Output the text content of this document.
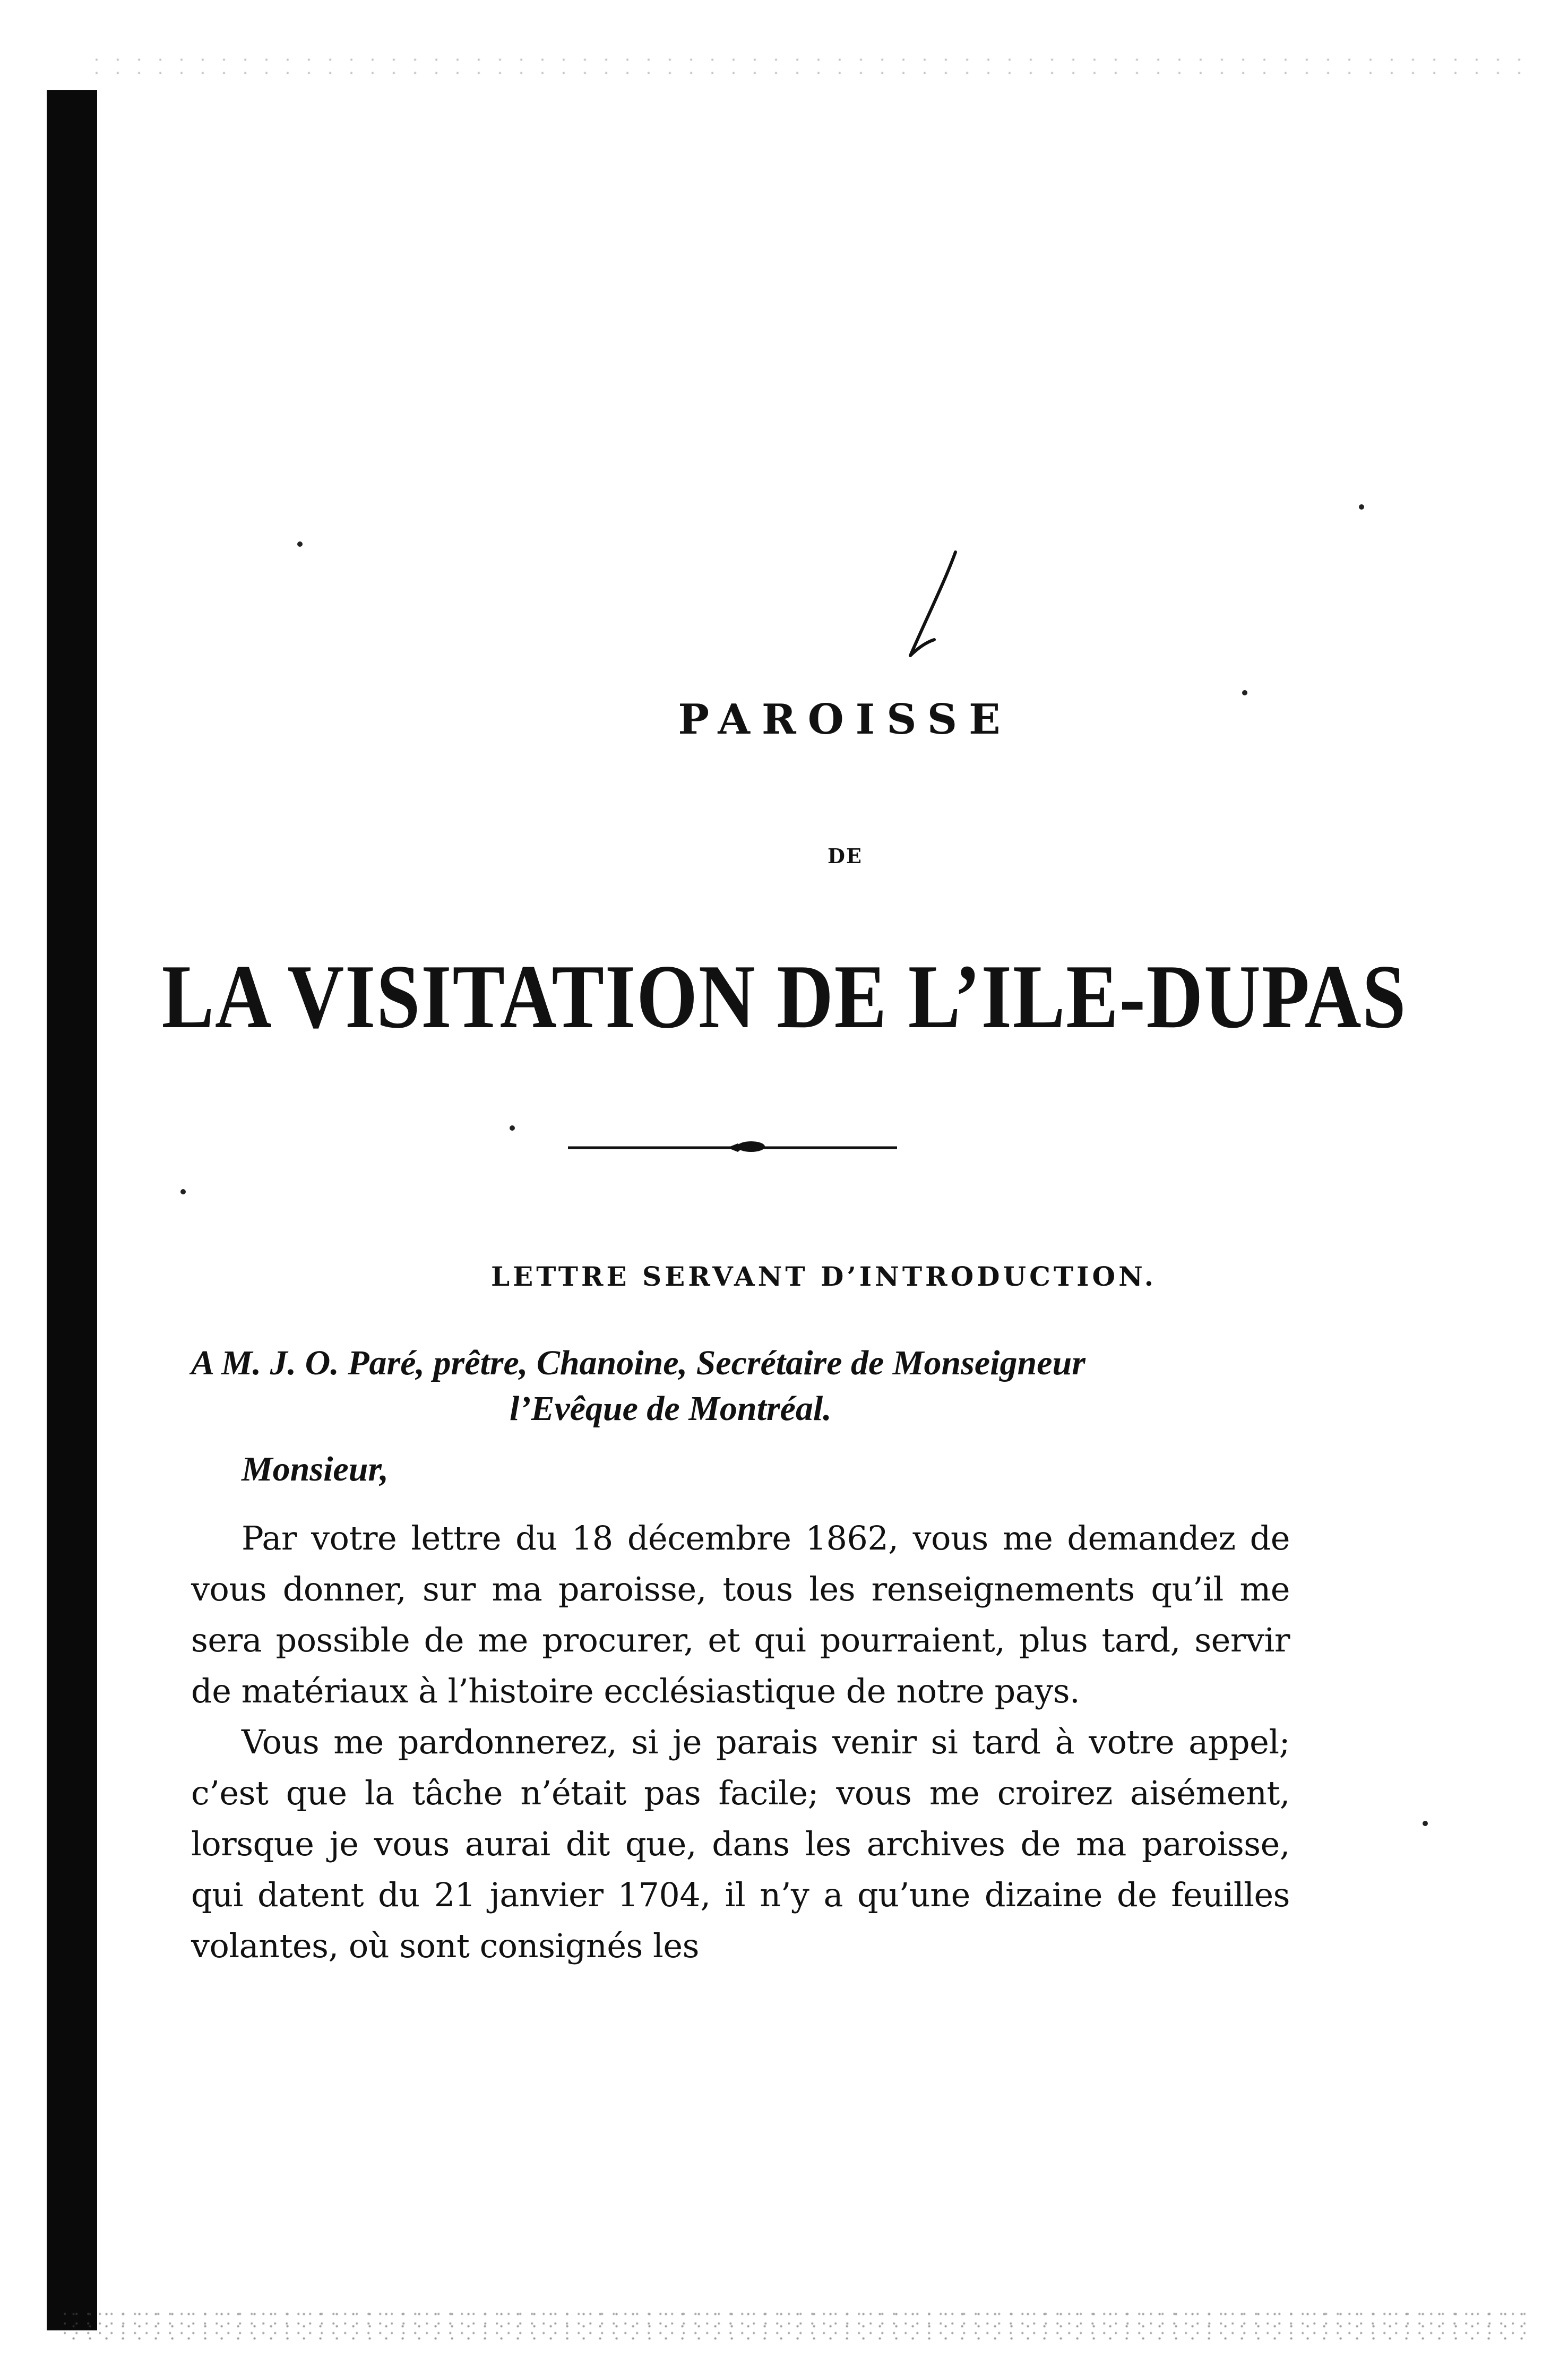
PAROISSE
DE
LA VISITATION DE L’ILE-DUPAS
LETTRE SERVANT D’INTRODUCTION.
A M. J. O. Paré, prêtre, Chanoine, Secrétaire de Monseigneur
l’Evêque de Montréal.
Monsieur,

Par votre lettre du 18 décembre 1862, vous me demandez de vous donner, sur ma paroisse, tous les renseignements qu’il me sera possible de me procurer, et qui pourraient, plus tard, servir de matériaux à l’histoire ecclésiastique de notre pays.

Vous me pardonnerez, si je parais venir si tard à votre appel; c’est que la tâche n’était pas facile; vous me croirez aisément, lorsque je vous aurai dit que, dans les archives de ma paroisse, qui datent du 21 janvier 1704, il n’y a qu’une dizaine de feuilles volantes, où sont consignés les
